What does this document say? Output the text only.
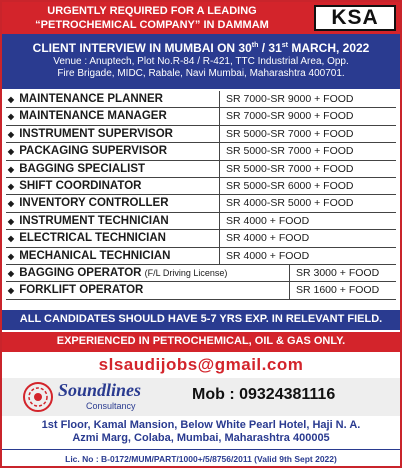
URGENTLY REQUIRED FOR A LEADING
“PETROCHEMICAL COMPANY” IN DAMMAM	KSA
CLIENT INTERVIEW IN MUMBAI ON 30th / 31st MARCH, 2022
Venue : Anuptech, Plot No.R-84 / R-421, TTC Industrial Area, Opp.
Fire Brigade, MIDC, Rabale, Navi Mumbai, Maharashtra 400701.
◆ MAINTENANCE PLANNER	SR 7000-SR 9000 + FOOD
◆ MAINTENANCE MANAGER	SR 7000-SR 9000 + FOOD
◆ INSTRUMENT SUPERVISOR	SR 5000-SR 7000 + FOOD
◆ PACKAGING SUPERVISOR	SR 5000-SR 7000 + FOOD
◆ BAGGING SPECIALIST	SR 5000-SR 7000 + FOOD
◆ SHIFT COORDINATOR	SR 5000-SR 6000 + FOOD
◆ INVENTORY CONTROLLER	SR 4000-SR 5000 + FOOD
◆ INSTRUMENT TECHNICIAN	SR 4000 + FOOD
◆ ELECTRICAL TECHNICIAN	SR 4000 + FOOD
◆ MECHANICAL TECHNICIAN	SR 4000 + FOOD
◆ BAGGING OPERATOR (F/L Driving License)	SR 3000 + FOOD
◆ FORKLIFT OPERATOR	SR 1600 + FOOD
ALL CANDIDATES SHOULD HAVE 5-7 YRS EXP. IN RELEVANT FIELD.
EXPERIENCED IN PETROCHEMICAL, OIL & GAS ONLY.
slsaudijobs@gmail.com
Soundlines
Consultancy
Mob : 09324381116
1st Floor, Kamal Mansion, Below White Pearl Hotel, Haji N. A.
Azmi Marg, Colaba, Mumbai, Maharashtra 400005
Lic. No : B-0172/MUM/PART/1000+/5/8756/2011 (Valid 9th Sept 2022)
